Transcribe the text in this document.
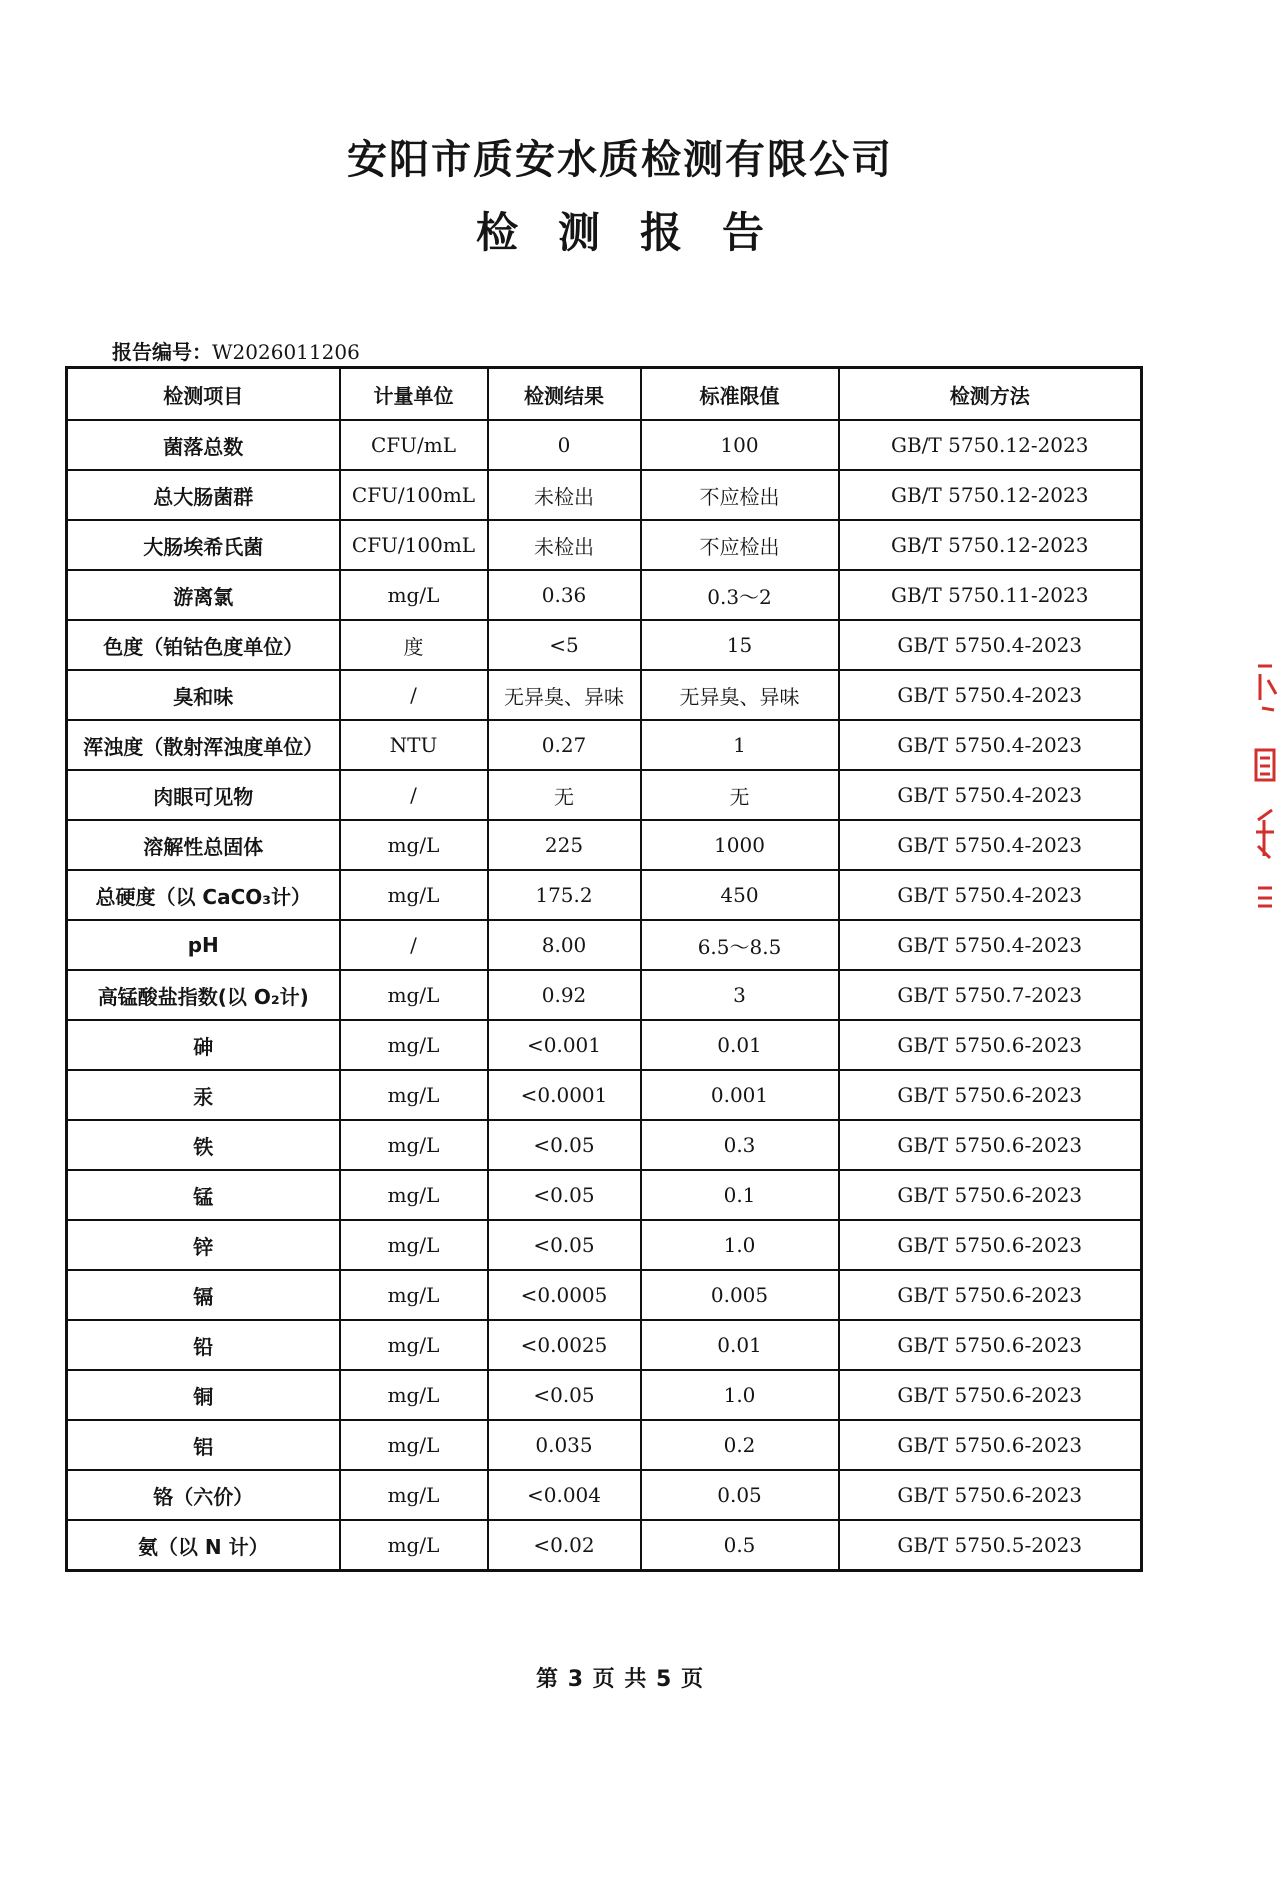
安阳市质安水质检测有限公司
检测报告
报告编号：W2026011206
检测项目	计量单位	检测结果	标准限值	检测方法
菌落总数	CFU/mL	0	100	GB/T 5750.12-2023
总大肠菌群	CFU/100mL	未检出	不应检出	GB/T 5750.12-2023
大肠埃希氏菌	CFU/100mL	未检出	不应检出	GB/T 5750.12-2023
游离氯	mg/L	0.36	0.3～2	GB/T 5750.11-2023
色度（铂钴色度单位）	度	<5	15	GB/T 5750.4-2023
臭和味	/	无异臭、异味	无异臭、异味	GB/T 5750.4-2023
浑浊度（散射浑浊度单位）	NTU	0.27	1	GB/T 5750.4-2023
肉眼可见物	/	无	无	GB/T 5750.4-2023
溶解性总固体	mg/L	225	1000	GB/T 5750.4-2023
总硬度（以 CaCO₃计）	mg/L	175.2	450	GB/T 5750.4-2023
pH	/	8.00	6.5～8.5	GB/T 5750.4-2023
高锰酸盐指数(以 O₂计)	mg/L	0.92	3	GB/T 5750.7-2023
砷	mg/L	<0.001	0.01	GB/T 5750.6-2023
汞	mg/L	<0.0001	0.001	GB/T 5750.6-2023
铁	mg/L	<0.05	0.3	GB/T 5750.6-2023
锰	mg/L	<0.05	0.1	GB/T 5750.6-2023
锌	mg/L	<0.05	1.0	GB/T 5750.6-2023
镉	mg/L	<0.0005	0.005	GB/T 5750.6-2023
铅	mg/L	<0.0025	0.01	GB/T 5750.6-2023
铜	mg/L	<0.05	1.0	GB/T 5750.6-2023
铝	mg/L	0.035	0.2	GB/T 5750.6-2023
铬（六价）	mg/L	<0.004	0.05	GB/T 5750.6-2023
氨（以 N 计）	mg/L	<0.02	0.5	GB/T 5750.5-2023
第 3 页 共 5 页
